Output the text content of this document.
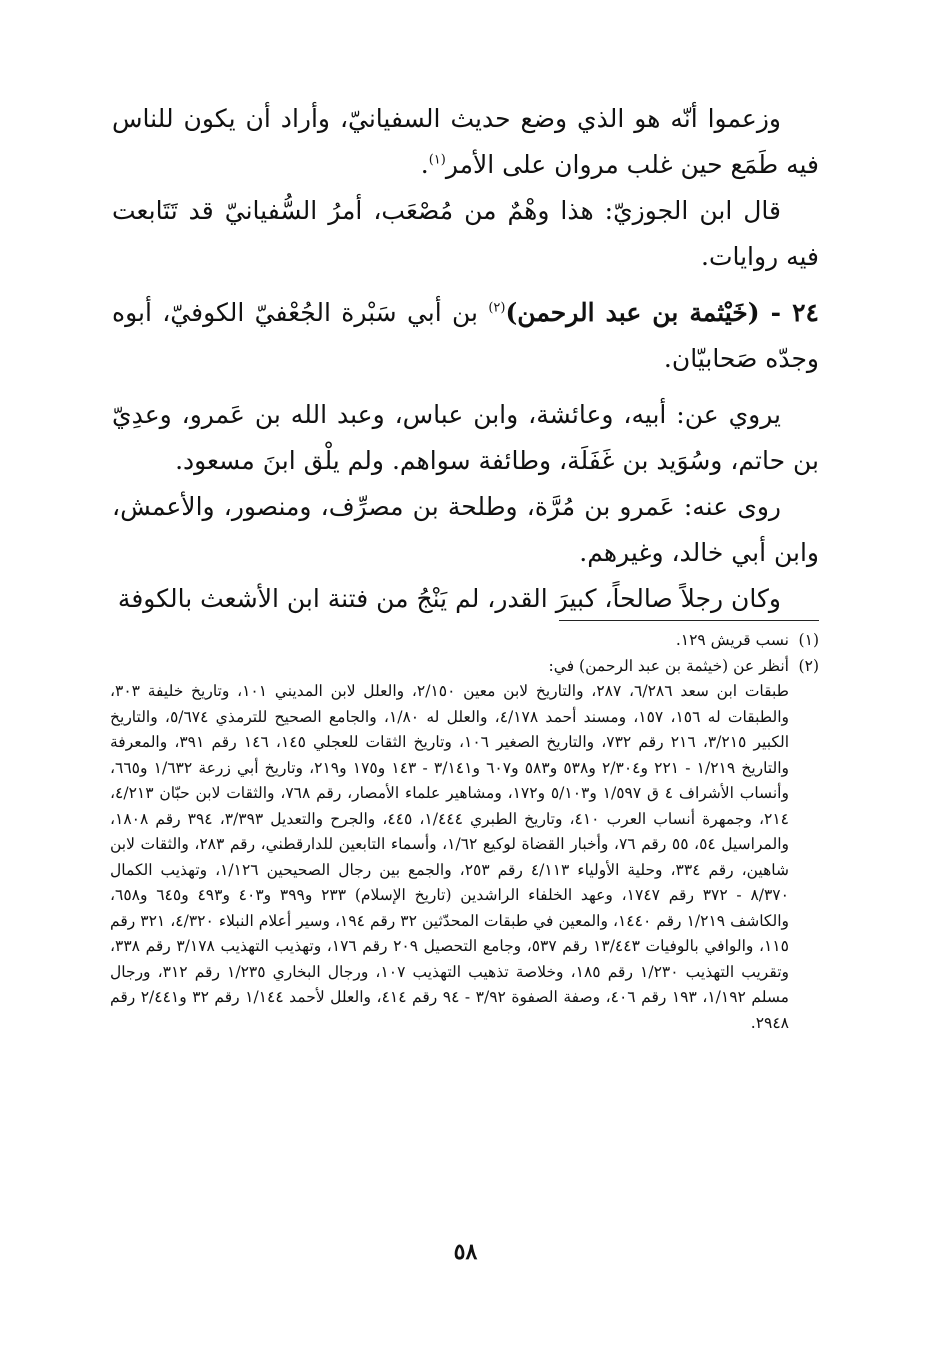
وزعموا أنّه هو الذي وضع حديث السفيانيّ، وأراد أن يكون للناس فيه طَمَع حين غلب مروان على الأمر$^{(١)}$.

قال ابن الجوزيّ: هذا وهْمٌ من مُصْعَب، أمرُ السُّفيانيّ قد تَتَابعت فيه روايات.

٢٤ - (خَيْثمة بن عبد الرحمن)$^{(٢)}$ بن أبي سَبْرة الجُعْفيّ الكوفيّ، أبوه وجدّه صَحابيّان.

يروي عن: أبيه، وعائشة، وابن عباس، وعبد الله بن عَمرو، وعدِيّ بن حاتم، وسُوَيد بن غَفَلَة، وطائفة سواهم. ولم يلْق ابنَ مسعود.

روى عنه: عَمرو بن مُرَّة، وطلحة بن مصرِّف، ومنصور، والأعمش، وابن أبي خالد، وغيرهم.

وكان رجلاً صالحاً، كبيرَ القدر، لم يَنْجُ من فتنة ابن الأشعث بالكوفة

(١)
نسب قريش ١٢٩.

(٢)
أنظر عن (خيثمة بن عبد الرحمن) في:

طبقات ابن سعد ٦/٢٨٦، ٢٨٧، والتاريخ لابن معين ٢/١٥٠، والعلل لابن المديني ١٠١، وتاريخ خليفة ٣٠٣، والطبقات له ١٥٦، ١٥٧، ومسند أحمد ٤/١٧٨، والعلل له ١/٨٠، والجامع الصحيح للترمذي ٥/٦٧٤، والتاريخ الكبير ٣/٢١٥، ٢١٦ رقم ٧٣٢، والتاريخ الصغير ١٠٦، وتاريخ الثقات للعجلي ١٤٥، ١٤٦ رقم ٣٩١، والمعرفة والتاريخ ١/٢١٩ - ٢٢١ و٢/٣٠٤ و٥٣٨ و٥٨٣ و٦٠٧ و٣/١٤١ - ١٤٣ و١٧٥ و٢١٩، وتاريخ أبي زرعة ١/٦٣٢ و٦٦٥، وأنساب الأشراف ٤ ق ١/٥٩٧ و٥/١٠٣ و١٧٢، ومشاهير علماء الأمصار، رقم ٧٦٨، والثقات لابن حبّان ٤/٢١٣، ٢١٤، وجمهرة أنساب العرب ٤١٠، وتاريخ الطبري ١/٤٤٤، ٤٤٥، والجرح والتعديل ٣/٣٩٣، ٣٩٤ رقم ١٨٠٨، والمراسيل ٥٤، ٥٥ رقم ٧٦، وأخبار القضاة لوكيع ١/٦٢، وأسماء التابعين للدارقطني، رقم ٢٨٣، والثقات لابن شاهين، رقم ٣٣٤، وحلية الأولياء ٤/١١٣ رقم ٢٥٣، والجمع بين رجال الصحيحين ١/١٢٦، وتهذيب الكمال ٨/٣٧٠ - ٣٧٢ رقم ١٧٤٧، وعهد الخلفاء الراشدين (تاريخ الإسلام) ٢٣٣ و٣٩٩ و٤٠٣ و٤٩٣ و٦٤٥ و٦٥٨، والكاشف ١/٢١٩ رقم ١٤٤٠، والمعين في طبقات المحدّثين ٣٢ رقم ١٩٤، وسير أعلام النبلاء ٤/٣٢٠، ٣٢١ رقم ١١٥، والوافي بالوفيات ١٣/٤٤٣ رقم ٥٣٧، وجامع التحصيل ٢٠٩ رقم ١٧٦، وتهذيب التهذيب ٣/١٧٨ رقم ٣٣٨، وتقريب التهذيب ١/٢٣٠ رقم ١٨٥، وخلاصة تذهيب التهذيب ١٠٧، ورجال البخاري ١/٢٣٥ رقم ٣١٢، ورجال مسلم ١/١٩٢، ١٩٣ رقم ٤٠٦، وصفة الصفوة ٣/٩٢ - ٩٤ رقم ٤١٤، والعلل لأحمد ١/١٤٤ رقم ٣٢ و٢/٤٤١ رقم ٢٩٤٨.

٥٨
